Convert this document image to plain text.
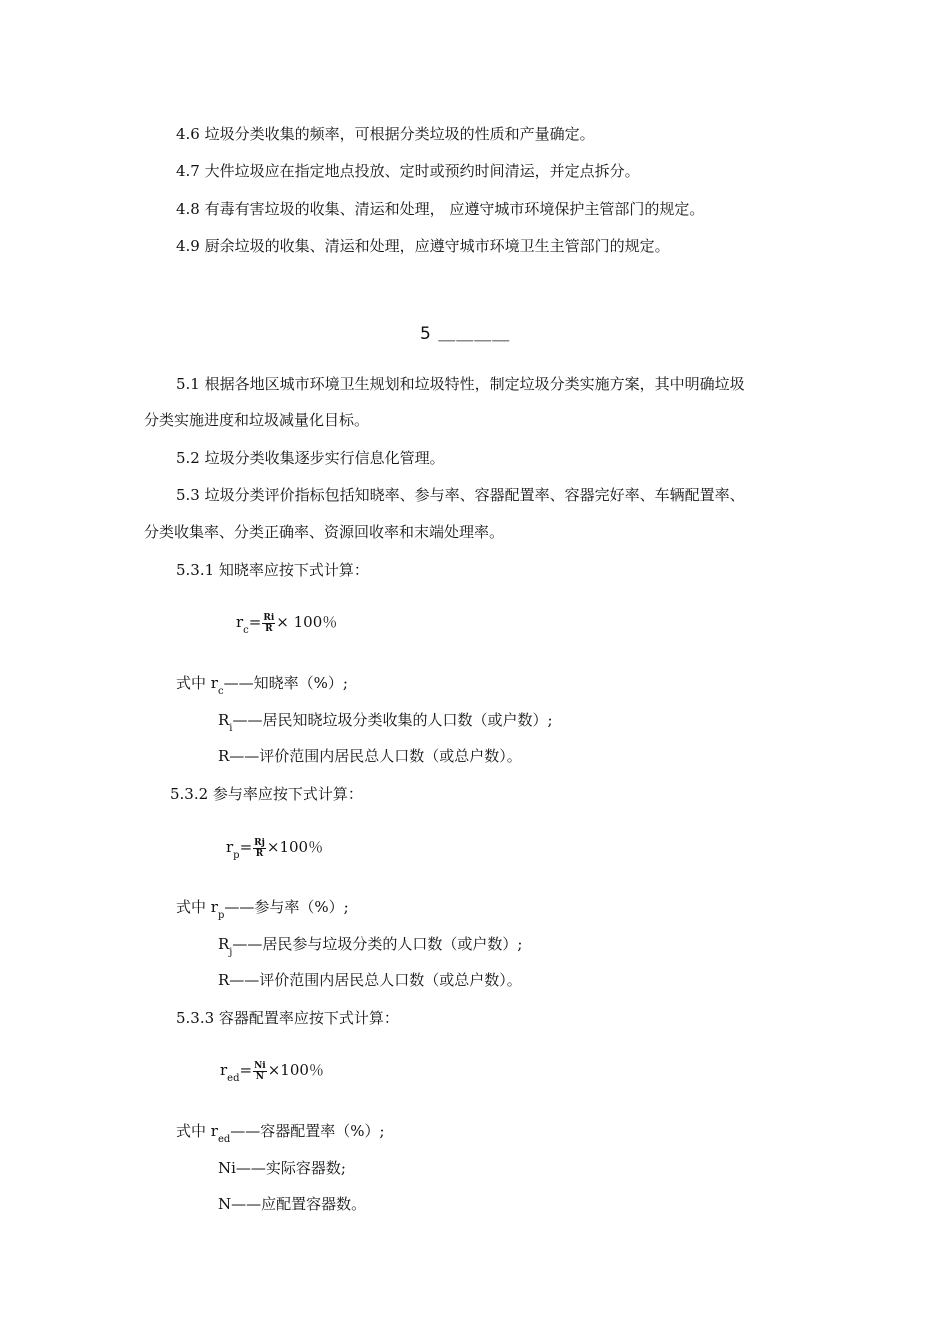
4.6 垃圾分类收集的频率，可根据分类垃圾的性质和产量确定。
4.7 大件垃圾应在指定地点投放、定时或预约时间清运，并定点拆分。
4.8 有毒有害垃圾的收集、清运和处理， 应遵守城市环境保护主管部门的规定。
4.9 厨余垃圾的收集、清运和处理，应遵守城市环境卫生主管部门的规定。
5 ＿＿＿＿
5.1 根据各地区城市环境卫生规划和垃圾特性，制定垃圾分类实施方案，其中明确垃圾
分类实施进度和垃圾减量化目标。
5.2 垃圾分类收集逐步实行信息化管理。
5.3 垃圾分类评价指标包括知晓率、参与率、容器配置率、容器完好率、车辆配置率、
分类收集率、分类正确率、资源回收率和末端处理率。
5.3.1 知晓率应按下式计算：
$r_c= \frac{Ri}{R} \times 100$％
式中 $r_c——$知晓率（%）;
$R_i——$居民知晓垃圾分类收集的人口数（或户数）;
R——评价范围内居民总人口数（或总户数）。
5.3.2 参与率应按下式计算：
$r_p= \frac{Rj}{R} \times 100$％
式中 $r_p——$参与率（%）;
$R_j——$居民参与垃圾分类的人口数（或户数）;
R——评价范围内居民总人口数（或总户数）。
5.3.3 容器配置率应按下式计算：
$r_{ed}= \frac{Ni}{N} \times 100$％
式中 $r_{ed}——$容器配置率（%）;
Ni——实际容器数;
N——应配置容器数。
